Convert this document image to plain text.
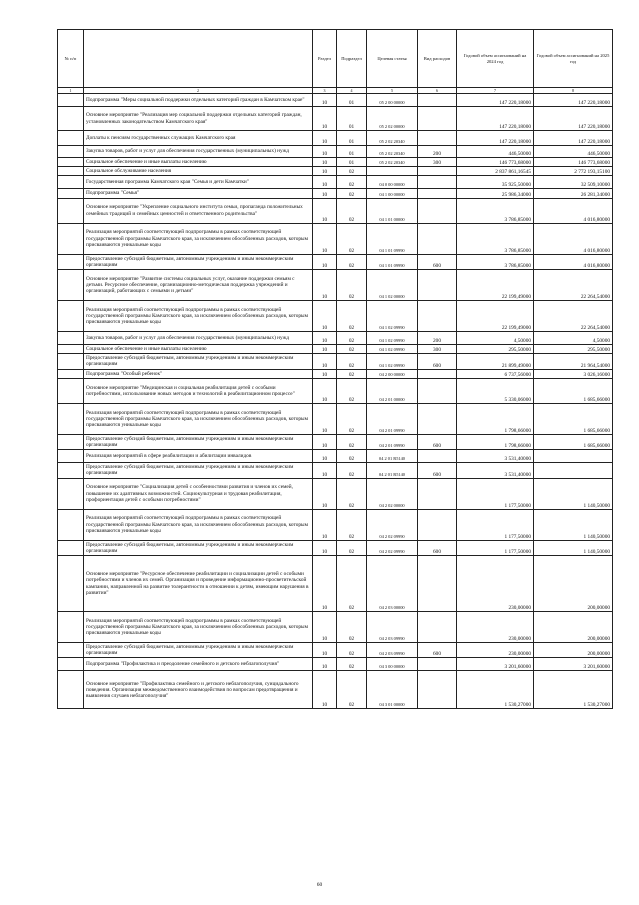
№ п/п		Раздел	Подраздел	Целевая статья	Вид расходов	Годовой объем ассигнований на 2024 год	Годовой объем ассигнований на 2025 год
1	2	3	4	5	6	7	8
	Подпрограмма "Меры социальной поддержки отдельных категорий граждан в Камчатском крае"	10	01	05 2 00 00000		147 220,18000	147 220,18000
	Основное мероприятие "Реализация мер социальной поддержки отдельных категорий граждан, установленных законодательством Камчатского края"	10	01	05 2 02 00000		147 220,18000	147 220,18000
	Доплаты к пенсиям государственных служащих Камчатского края	10	01	05 2 02 20340		147 220,18000	147 220,18000
	Закупка товаров, работ и услуг для обеспечения государственных (муниципальных) нужд	10	01	05 2 02 20340	200	446,50000	446,50000
	Социальное обеспечение и иные выплаты населению	10	01	05 2 02 20340	300	146 773,68000	146 773,68000
	Социальное обслуживание населения	10	02			2 837 861,16545	2 772 193,15100
	Государственная программа Камчатского края "Семья и дети Камчатки"	10	02	04 0 00 00000		35 925,50000	32 509,10000
	Подпрограмма "Семья"	10	02	04 1 00 00000		25 986,34000	26 281,34000
	Основное мероприятие "Укрепление социального института семьи, пропаганда положительных семейных традиций и семейных ценностей и ответственного родительства"	10	02	04 1 01 00000		3 786,85000	4 016,80000
	Реализация мероприятий соответствующей подпрограммы в рамках соответствующей государственной программы Камчатского края, за исключением обособленных расходов, которым присваиваются уникальные коды	10	02	04 1 01 09990		3 786,85000	4 016,80000
	Предоставление субсидий бюджетным, автономным учреждениям и иным некоммерческим организациям	10	02	04 1 01 09990	600	3 786,85000	4 016,80000
	Основное мероприятие "Развитие системы социальных услуг, оказание поддержки семьям с детьми. Ресурсное обеспечение, организационно-методическая поддержка учреждений и организаций, работающих с семьями и детьми"	10	02	04 1 02 00000		22 199,49000	22 264,54000
	Реализация мероприятий соответствующей подпрограммы в рамках соответствующей государственной программы Камчатского края, за исключением обособленных расходов, которым присваиваются уникальные коды	10	02	04 1 02 09990		22 199,49000	22 264,54000
	Закупка товаров, работ и услуг для обеспечения государственных (муниципальных) нужд	10	02	04 1 02 09990	200	4,50000	4,50000
	Социальное обеспечение и иные выплаты населению	10	02	04 1 02 09990	300	295,50000	295,50000
	Предоставление субсидий бюджетным, автономным учреждениям и иным некоммерческим организациям	10	02	04 1 02 09990	600	21 899,49000	21 964,54000
	Подпрограмма "Особый ребенок"	10	02	04 2 00 00000		6 737,56000	3 026,16000
	Основное мероприятие "Медицинская и социальная реабилитация детей с особыми потребностями, использование новых методов и технологий в реабилитационном процессе"	10	02	04 2 01 00000		5 330,06000	1 685,66000
	Реализация мероприятий соответствующей подпрограммы в рамках соответствующей государственной программы Камчатского края, за исключением обособленных расходов, которым присваиваются уникальные коды	10	02	04 2 01 09990		1 798,66000	1 685,66000
	Предоставление субсидий бюджетным, автономным учреждениям и иным некоммерческим организациям	10	02	04 2 01 09990	600	1 798,66000	1 685,66000
	Реализация мероприятий в сфере реабилитации и абилитации инвалидов	10	02	04 2 01 R5140		3 531,40000	
	Предоставление субсидий бюджетным, автономным учреждениям и иным некоммерческим организациям	10	02	04 2 01 R5140	600	3 531,40000	
	Основное мероприятие "Социализация детей с особенностями развития и членов их семей, повышение их адаптивных возможностей. Социокультурная и трудовая реабилитация, профориентация детей с особыми потребностями"	10	02	04 2 02 00000		1 177,50000	1 140,50000
	Реализация мероприятий соответствующей подпрограммы в рамках соответствующей государственной программы Камчатского края, за исключением обособленных расходов, которым присваиваются уникальные коды	10	02	04 2 02 09990		1 177,50000	1 140,50000
	Предоставление субсидий бюджетным, автономным учреждениям и иным некоммерческим организациям	10	02	04 2 02 09990	600	1 177,50000	1 140,50000
	Основное мероприятие "Ресурсное обеспечение реабилитации и социализации детей с особыми потребностями и членов их семей. Организация и проведение информационно-просветительской кампании, направленной на развитие толерантности в отношении к детям, имеющим нарушения в развитии"	10	02	04 2 03 00000		230,00000	200,00000
	Реализация мероприятий соответствующей подпрограммы в рамках соответствующей государственной программы Камчатского края, за исключением обособленных расходов, которым присваиваются уникальные коды	10	02	04 2 03 09990		230,00000	200,00000
	Предоставление субсидий бюджетным, автономным учреждениям и иным некоммерческим организациям	10	02	04 2 03 09990	600	230,00000	200,00000
	Подпрограмма "Профилактика и преодоление семейного и детского неблагополучия"	10	02	04 3 00 00000		3 201,60000	3 201,60000
	Основное мероприятие "Профилактика семейного и детского неблагополучия, суицидального поведения. Организация межведомственного взаимодействия по вопросам предотвращения и выявления случаев неблагополучия"	10	02	04 3 01 00000		1 530,27000	1 530,27000
60
